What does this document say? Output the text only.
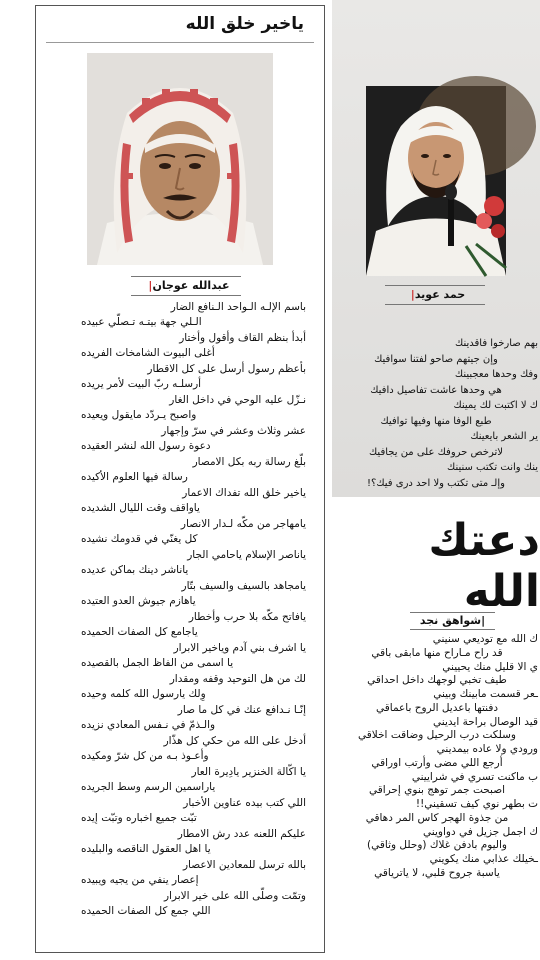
ياخير خلق الله
عبدالله عوجان|
باسم الإلـه الـواحد الـنافع الضار
الـلي جهة بيتـه تـصلّي عبيده
أبدأ بنظم القاف وأقول وأختار
أغلى البيوت الشامخات الفريده
بأعظم رسول أرسل على كل الاقطار
أرسلـه ربّ البيت لأمر يريده
نـزّل عليه الوحي في داخل الغار
واصبح يـردّد مايقول ويعيده
عشر وثلاث وعشر في سرّ وإجهار
دعوة رسول الله لنشر العقيده
بلّغ رسالة ربه بكل الامصار
رسالة فيها العلوم الأكيده
ياخير خلق الله تفداك الاعمار
ياواقف وقت الليال الشديده
يامهاجر من مكّه لـدار الانصار
كل يغنّي في قدومك نشيده
ياناصر الإسلام ياحامي الجار
ياناشر دينك بماكن عديده
يامجاهد بالسيف والسيف بتّار
ياهازم جيوش العدو العتيده
يافاتح مكّه بلا حرب وأخطار
ياجامع كل الصفات الحميده
يا اشرف بني آدم وياخير الابرار
يا اسمى من الفاظ الجمل بالقصيده
لك من هل التوحيد وقفه ومقدار
وِلك يارسول الله كلمه وحيده
إنّـا نـدافع عنك في كل ما صار
والـذمّ في نـفس المعادي نزيده
أدخل على الله من حكي كل هذّار
وأعـوذ بـه من كل شرّ ومكيده
يا اكّالة الخنزير يادِيرة العار
ياراسمين الرسم وسط الجريده
اللي كتب بيده عناوين الأخبار
تبّت جميع اخباره وتبّت إيده
عليكم اللعنه عدد رش الامطار
يا اهل العقول الناقصه والبليده
بالله ترسل للمعادين الاعصار
إعصار ينفي من يجيه ويبيده
وتمّت وصلّى الله على خير الابرار
اللي جمع كل الصفات الحميده
حمد عويد|
بهم صارخوا فاقدينك
وإن جيتهم صاحو لفتنا سوافيك
وفك وحدها معجبينك
هي وحدها عاشت تفاصيل دافيك
ك لا اكتبت لك يمينك
طبع الوفا منها وفيها توافيك
ير الشعر بايعينك
لاترخص حروفك على من يجافيك
ينك وانت تكتب سنينك
وإلـ متى تكتب ولا احد درى فيك؟!
دعتك الله
|شواهق نجد
ك الله مع توديعي سنيني
قد راح مـاراح منها مابقى باقي
ي الا قليل منك يحييني
طيف تخبي لوجهك داخل احداقي
ـعر قسمت مابينك وبيني
دفنتها باعديل الروح باعماقي
قيد الوصال براحة ايديني
وسلكت درب الرحيل وضاقت اخلاقي
ورودي ولا عاده بيمديني
أرجع اللي مضى وأرتب اوراقي
ب ماكنت تسري في شراييني
اصبحت جمر توهج بنوي إحراقي
ت بطهر نوي كيف تسقيني!!
من جذوة الهجر كاس المر دهاقي
ك اجمل جزيل في دواويني
واليوم بادفن غلاك (وحلل وثاقي)
ـخيلك عذابي منك يكويني
ياسبة جروح قلبي، لا ياترياقي
